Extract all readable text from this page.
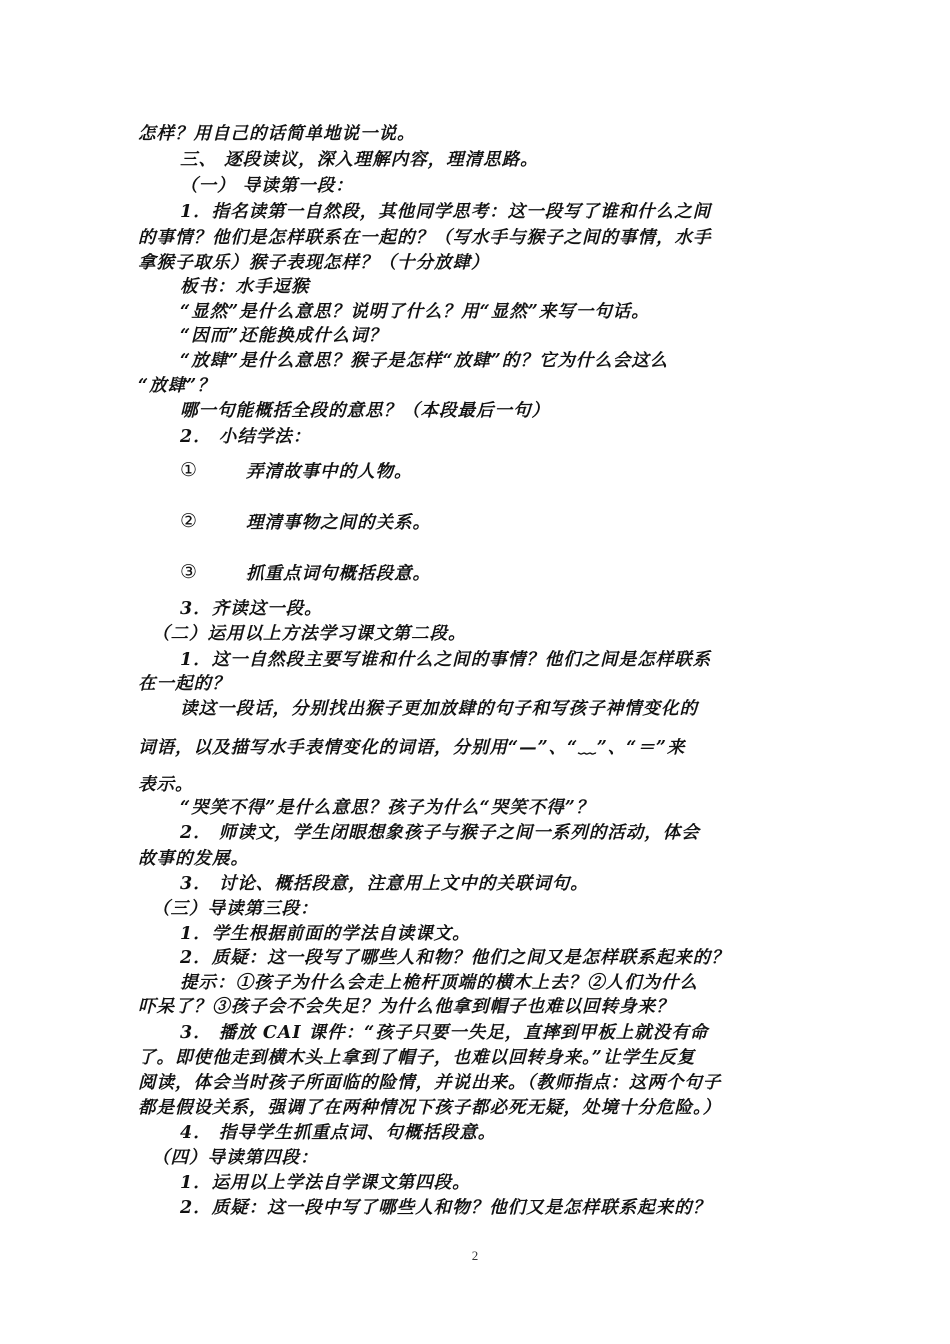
怎样？用自己的话简单地说一说。
三、 逐段读议，深入理解内容，理清思路。
（一） 导读第一段：
1．指名读第一自然段，其他同学思考：这一段写了谁和什么之间
的事情？他们是怎样联系在一起的？（写水手与猴子之间的事情，水手
拿猴子取乐）猴子表现怎样？（十分放肆）
板书：水手逗猴
“显然”是什么意思？说明了什么？用“显然”来写一句话。
“因而”还能换成什么词？
“放肆”是什么意思？猴子是怎样“放肆”的？它为什么会这么
“放肆”？
哪一句能概括全段的意思？（本段最后一句）
2． 小结学法：
①	弄清故事中的人物。
②	理清事物之间的关系。
③	抓重点词句概括段意。
3．齐读这一段。
（二）运用以上方法学习课文第二段。
1．这一自然段主要写谁和什么之间的事情？他们之间是怎样联系
在一起的？
读这一段话，分别找出猴子更加放肆的句子和写孩子神情变化的
词语，以及描写水手表情变化的词语，分别用“—”、“﹏”、“＝”来
表示。
“哭笑不得”是什么意思？孩子为什么“哭笑不得”？
2． 师读文，学生闭眼想象孩子与猴子之间一系列的活动，体会
故事的发展。
3． 讨论、概括段意，注意用上文中的关联词句。
（三）导读第三段：
1．学生根据前面的学法自读课文。
2．质疑：这一段写了哪些人和物？他们之间又是怎样联系起来的？
提示：①孩子为什么会走上桅杆顶端的横木上去？②人们为什么
吓呆了？③孩子会不会失足？为什么他拿到帽子也难以回转身来？
3． 播放 CAI 课件：“孩子只要一失足，直摔到甲板上就没有命
了。即使他走到横木头上拿到了帽子，也难以回转身来。”让学生反复
阅读，体会当时孩子所面临的险情，并说出来。（教师指点：这两个句子
都是假设关系，强调了在两种情况下孩子都必死无疑，处境十分危险。）
4． 指导学生抓重点词、句概括段意。
（四）导读第四段：
1．运用以上学法自学课文第四段。
2．质疑：这一段中写了哪些人和物？他们又是怎样联系起来的？
2
